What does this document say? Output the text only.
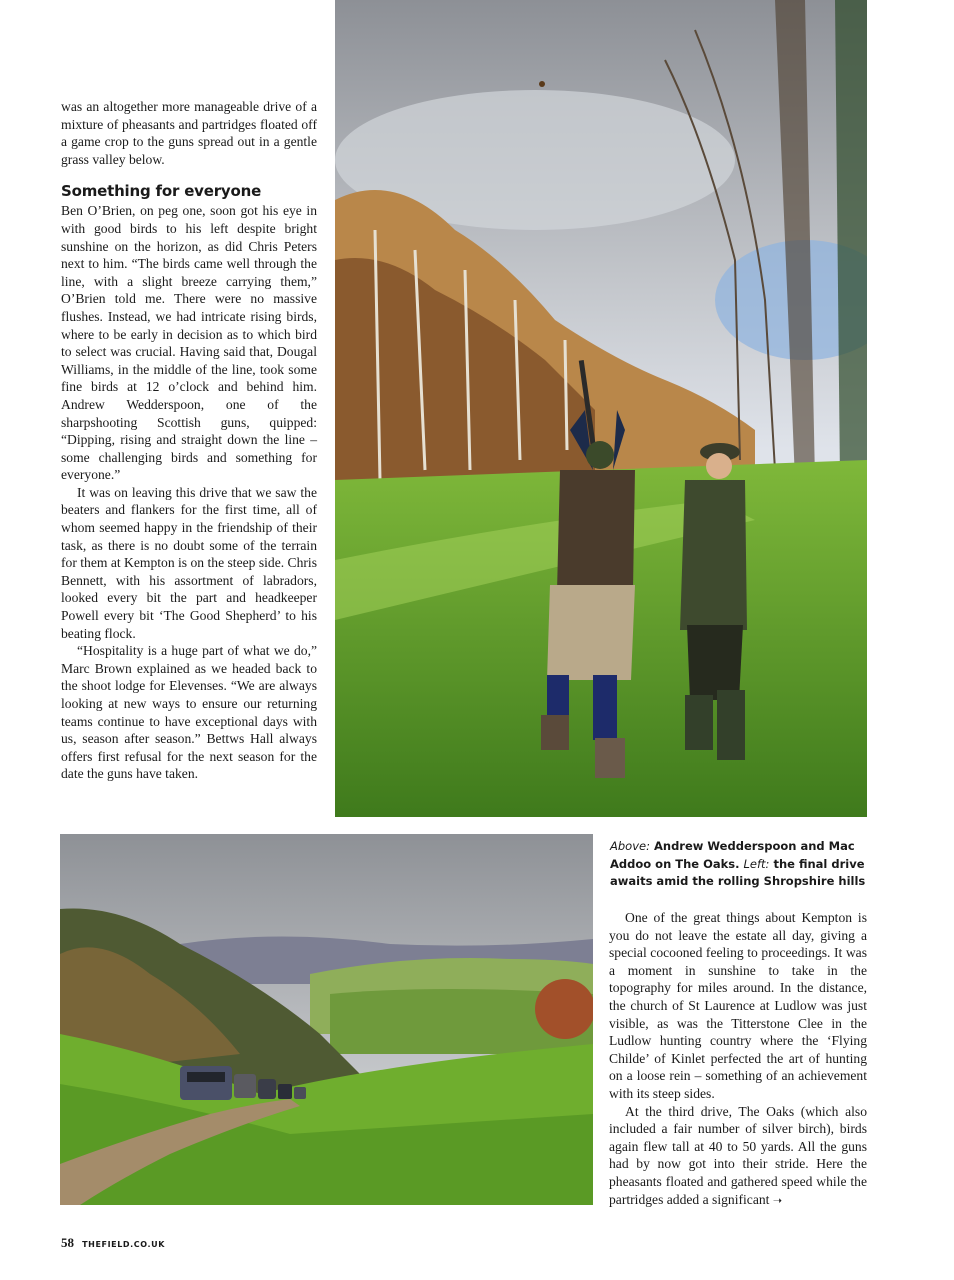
was an altogether more manageable drive of a mixture of pheasants and partridges floated off a game crop to the guns spread out in a gentle grass valley below.

Something for everyone

Ben O’Brien, on peg one, soon got his eye in with good birds to his left despite bright sunshine on the horizon, as did Chris Peters next to him. “The birds came well through the line, with a slight breeze carrying them,” O’Brien told me. There were no massive flushes. Instead, we had intricate rising birds, where to be early in decision as to which bird to select was crucial. Having said that, Dougal Williams, in the middle of the line, took some fine birds at 12 o’clock and behind him. Andrew Wedderspoon, one of the sharpshooting Scottish guns, quipped: “Dipping, rising and straight down the line – some challenging birds and something for everyone.”

It was on leaving this drive that we saw the beaters and flankers for the first time, all of whom seemed happy in the friendship of their task, as there is no doubt some of the terrain for them at Kempton is on the steep side. Chris Bennett, with his assortment of labradors, looked every bit the part and headkeeper Powell every bit ‘The Good Shepherd’ to his beating flock.

“Hospitality is a huge part of what we do,” Marc Brown explained as we headed back to the shoot lodge for Elevenses. “We are always looking at new ways to ensure our returning teams continue to have exceptional days with us, season after season.” Bettws Hall always offers first refusal for the next season for the date the guns have taken.

Above: Andrew Wedderspoon and Mac Addoo on The Oaks. Left: the final drive awaits amid the rolling Shropshire hills

One of the great things about Kempton is you do not leave the estate all day, giving a special cocooned feeling to proceedings. It was a moment in sunshine to take in the topography for miles around. In the distance, the church of St Laurence at Ludlow was just visible, as was the Titterstone Clee in the Ludlow hunting country where the ‘Flying Childe’ of Kinlet perfected the art of hunting on a loose rein – something of an achievement with its steep sides.

At the third drive, The Oaks (which also included a fair number of silver birch), birds again flew tall at 40 to 50 yards. All the guns had by now got into their stride. Here the pheasants floated and gathered speed while the partridges added a significant ➝

58 THEFIELD.CO.UK
